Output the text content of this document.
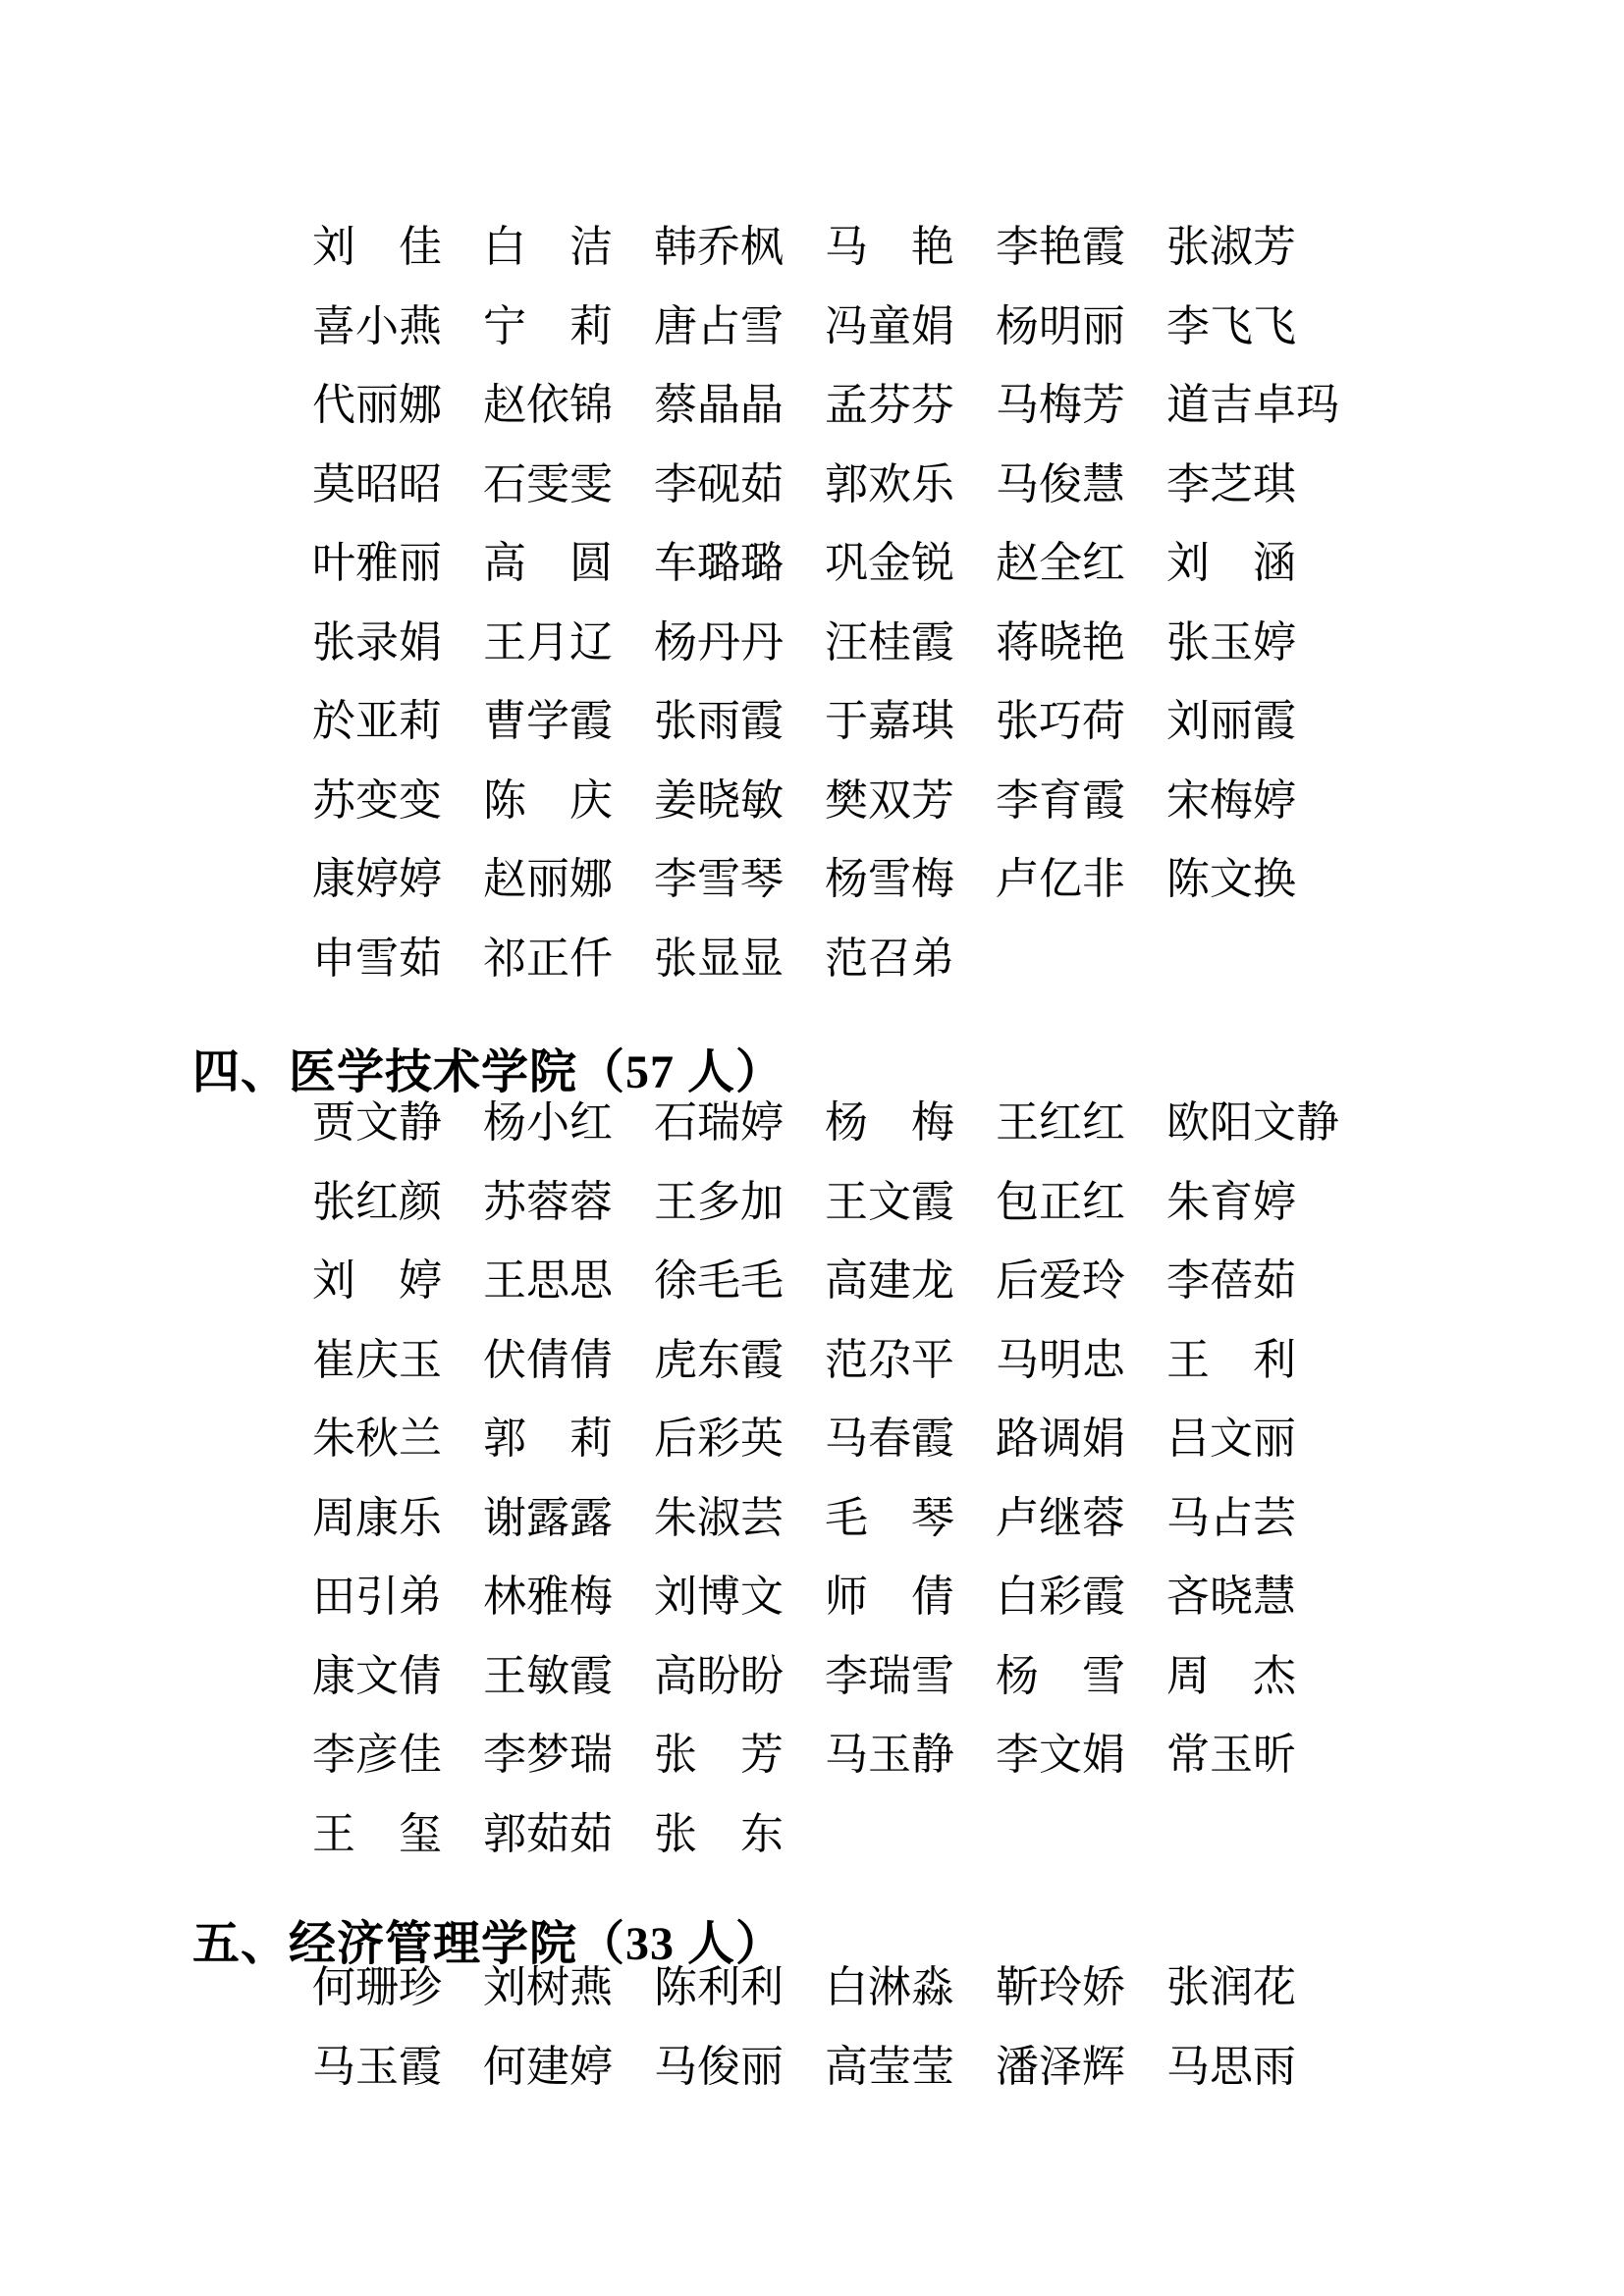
刘　佳 白　洁 韩乔枫 马　艳 李艳霞 张淑芳
喜小燕 宁　莉 唐占雪 冯童娟 杨明丽 李飞飞
代丽娜 赵依锦 蔡晶晶 孟芬芬 马梅芳 道吉卓玛
莫昭昭 石雯雯 李砚茹 郭欢乐 马俊慧 李芝琪
叶雅丽 高　圆 车璐璐 巩金锐 赵全红 刘　涵
张录娟 王月辽 杨丹丹 汪桂霞 蒋晓艳 张玉婷
於亚莉 曹学霞 张雨霞 于嘉琪 张巧荷 刘丽霞
苏变变 陈　庆 姜晓敏 樊双芳 李育霞 宋梅婷
康婷婷 赵丽娜 李雪琴 杨雪梅 卢亿非 陈文换
申雪茹 祁正仟 张显显 范召弟
四、医学技术学院（57 人）
贾文静 杨小红 石瑞婷 杨　梅 王红红 欧阳文静
张红颜 苏蓉蓉 王多加 王文霞 包正红 朱育婷
刘　婷 王思思 徐毛毛 高建龙 后爱玲 李蓓茹
崔庆玉 伏倩倩 虎东霞 范尕平 马明忠 王　利
朱秋兰 郭　莉 后彩英 马春霞 路调娟 吕文丽
周康乐 谢露露 朱淑芸 毛　琴 卢继蓉 马占芸
田引弟 林雅梅 刘博文 师　倩 白彩霞 吝晓慧
康文倩 王敏霞 高盼盼 李瑞雪 杨　雪 周　杰
李彦佳 李梦瑞 张　芳 马玉静 李文娟 常玉昕
王　玺 郭茹茹 张　东
五、经济管理学院（33 人）
何珊珍 刘树燕 陈利利 白淋淼 靳玲娇 张润花
马玉霞 何建婷 马俊丽 高莹莹 潘泽辉 马思雨
